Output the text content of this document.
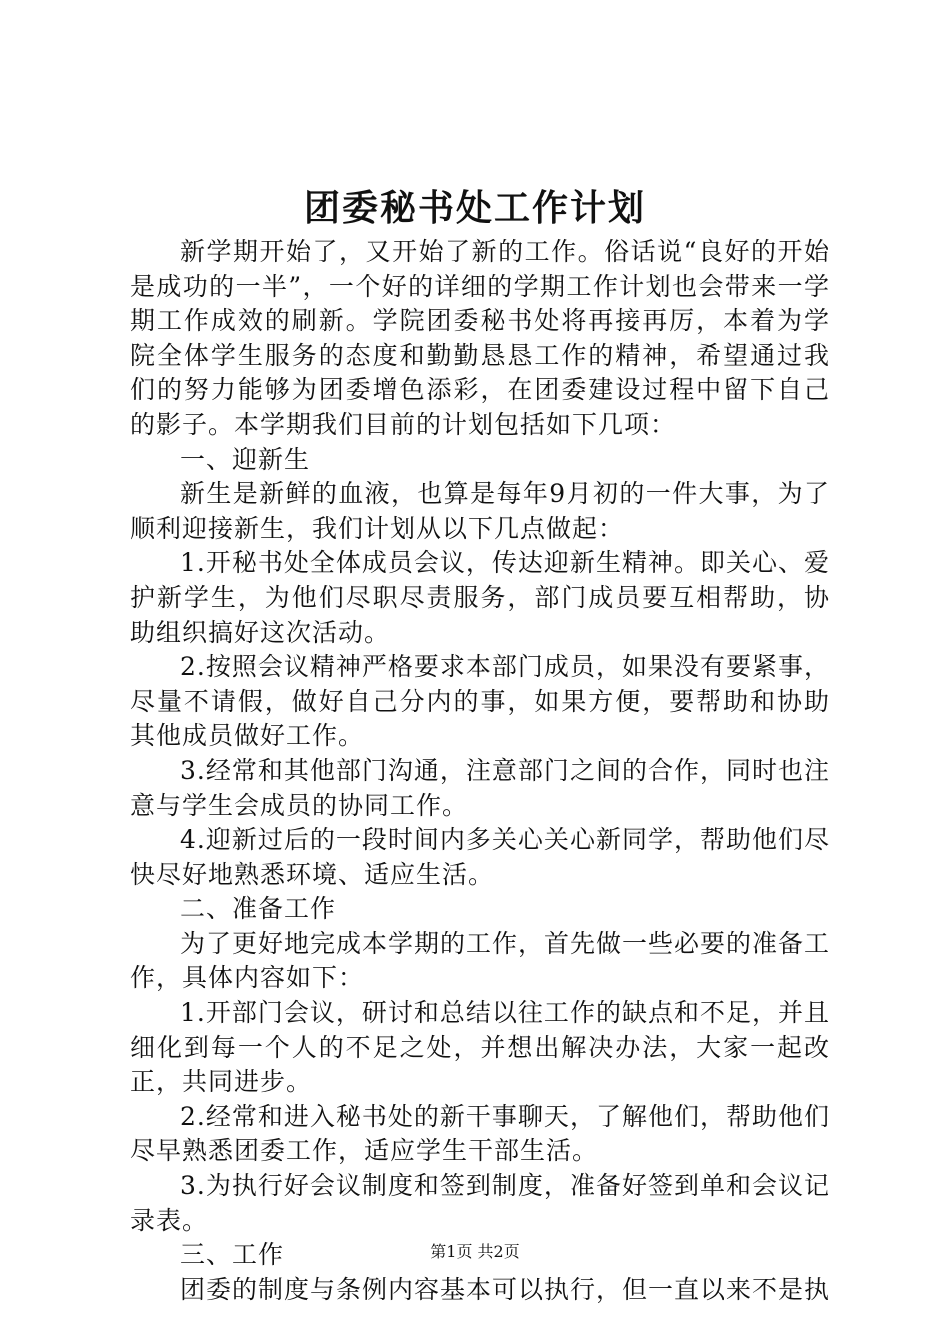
团委秘书处工作计划

新学期开始了，又开始了新的工作。俗话说“良好的开始是成功的一半”，一个好的详细的学期工作计划也会带来一学期工作成效的刷新。学院团委秘书处将再接再厉，本着为学院全体学生服务的态度和勤勤恳恳工作的精神，希望通过我们的努力能够为团委增色添彩，在团委建设过程中留下自己的影子。本学期我们目前的计划包括如下几项：

一、迎新生

新生是新鲜的血液，也算是每年9月初的一件大事，为了顺利迎接新生，我们计划从以下几点做起：

1.开秘书处全体成员会议，传达迎新生精神。即关心、爱护新学生，为他们尽职尽责服务，部门成员要互相帮助，协助组织搞好这次活动。

2.按照会议精神严格要求本部门成员，如果没有要紧事，尽量不请假，做好自己分内的事，如果方便，要帮助和协助其他成员做好工作。

3.经常和其他部门沟通，注意部门之间的合作，同时也注意与学生会成员的协同工作。

4.迎新过后的一段时间内多关心关心新同学，帮助他们尽快尽好地熟悉环境、适应生活。

二、准备工作

为了更好地完成本学期的工作，首先做一些必要的准备工作，具体内容如下：

1.开部门会议，研讨和总结以往工作的缺点和不足，并且细化到每一个人的不足之处，并想出解决办法，大家一起改正，共同进步。

2.经常和进入秘书处的新干事聊天，了解他们，帮助他们尽早熟悉团委工作，适应学生干部生活。

3.为执行好会议制度和签到制度，准备好签到单和会议记录表。

三、工作

团委的制度与条例内容基本可以执行，但一直以来不是执

第1页 共2页
